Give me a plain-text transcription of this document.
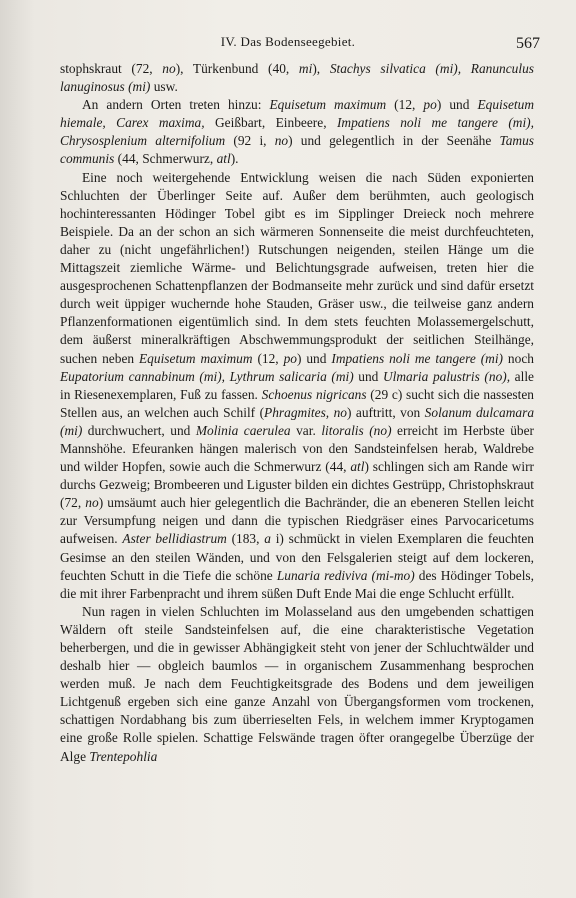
IV. Das Bodenseegebiet.	567

stophskraut (72, no), Türkenbund (40, mi), Stachys silvatica (mi), Ranunculus lanuginosus (mi) usw.

An andern Orten treten hinzu: Equisetum maximum (12, po) und Equisetum hiemale, Carex maxima, Geißbart, Einbeere, Impatiens noli me tangere (mi), Chrysosplenium alternifolium (92 i, no) und gelegentlich in der Seenähe Tamus communis (44, Schmerwurz, atl).

Eine noch weitergehende Entwicklung weisen die nach Süden exponierten Schluchten der Überlinger Seite auf. Außer dem berühmten, auch geologisch hochinteressanten Hödinger Tobel gibt es im Sipplinger Dreieck noch mehrere Beispiele. Da an der schon an sich wärmeren Sonnenseite die meist durchfeuchteten, daher zu (nicht ungefährlichen!) Rutschungen neigenden, steilen Hänge um die Mittagszeit ziemliche Wärme- und Belichtungsgrade aufweisen, treten hier die ausgesprochenen Schattenpflanzen der Bodmanseite mehr zurück und sind dafür ersetzt durch weit üppiger wuchernde hohe Stauden, Gräser usw., die teilweise ganz andern Pflanzenformationen eigentümlich sind. In dem stets feuchten Molassemergelschutt, dem äußerst mineralkräftigen Abschwemmungsprodukt der seitlichen Steilhänge, suchen neben Equisetum maximum (12, po) und Impatiens noli me tangere (mi) noch Eupatorium cannabinum (mi), Lythrum salicaria (mi) und Ulmaria palustris (no), alle in Riesenexemplaren, Fuß zu fassen. Schoenus nigricans (29 c) sucht sich die nassesten Stellen aus, an welchen auch Schilf (Phragmites, no) auftritt, von Solanum dulcamara (mi) durchwuchert, und Molinia caerulea var. litoralis (no) erreicht im Herbste über Mannshöhe. Efeuranken hängen malerisch von den Sandsteinfelsen herab, Waldrebe und wilder Hopfen, sowie auch die Schmerwurz (44, atl) schlingen sich am Rande wirr durchs Gezweig; Brombeeren und Liguster bilden ein dichtes Gestrüpp, Christophskraut (72, no) umsäumt auch hier gelegentlich die Bachränder, die an ebeneren Stellen leicht zur Versumpfung neigen und dann die typischen Riedgräser eines Parvocaricetums aufweisen. Aster bellidiastrum (183, a i) schmückt in vielen Exemplaren die feuchten Gesimse an den steilen Wänden, und von den Felsgalerien steigt auf dem lockeren, feuchten Schutt in die Tiefe die schöne Lunaria rediviva (mi-mo) des Hödinger Tobels, die mit ihrer Farbenpracht und ihrem süßen Duft Ende Mai die enge Schlucht erfüllt.

Nun ragen in vielen Schluchten im Molasseland aus den umgebenden schattigen Wäldern oft steile Sandsteinfelsen auf, die eine charakteristische Vegetation beherbergen, und die in gewisser Abhängigkeit steht von jener der Schluchtwälder und deshalb hier — obgleich baumlos — in organischem Zusammenhang besprochen werden muß. Je nach dem Feuchtigkeitsgrade des Bodens und dem jeweiligen Lichtgenuß ergeben sich eine ganze Anzahl von Übergangsformen vom trockenen, schattigen Nordabhang bis zum überrieselten Fels, in welchem immer Kryptogamen eine große Rolle spielen. Schattige Felswände tragen öfter orangegelbe Überzüge der Alge Trentepohlia
